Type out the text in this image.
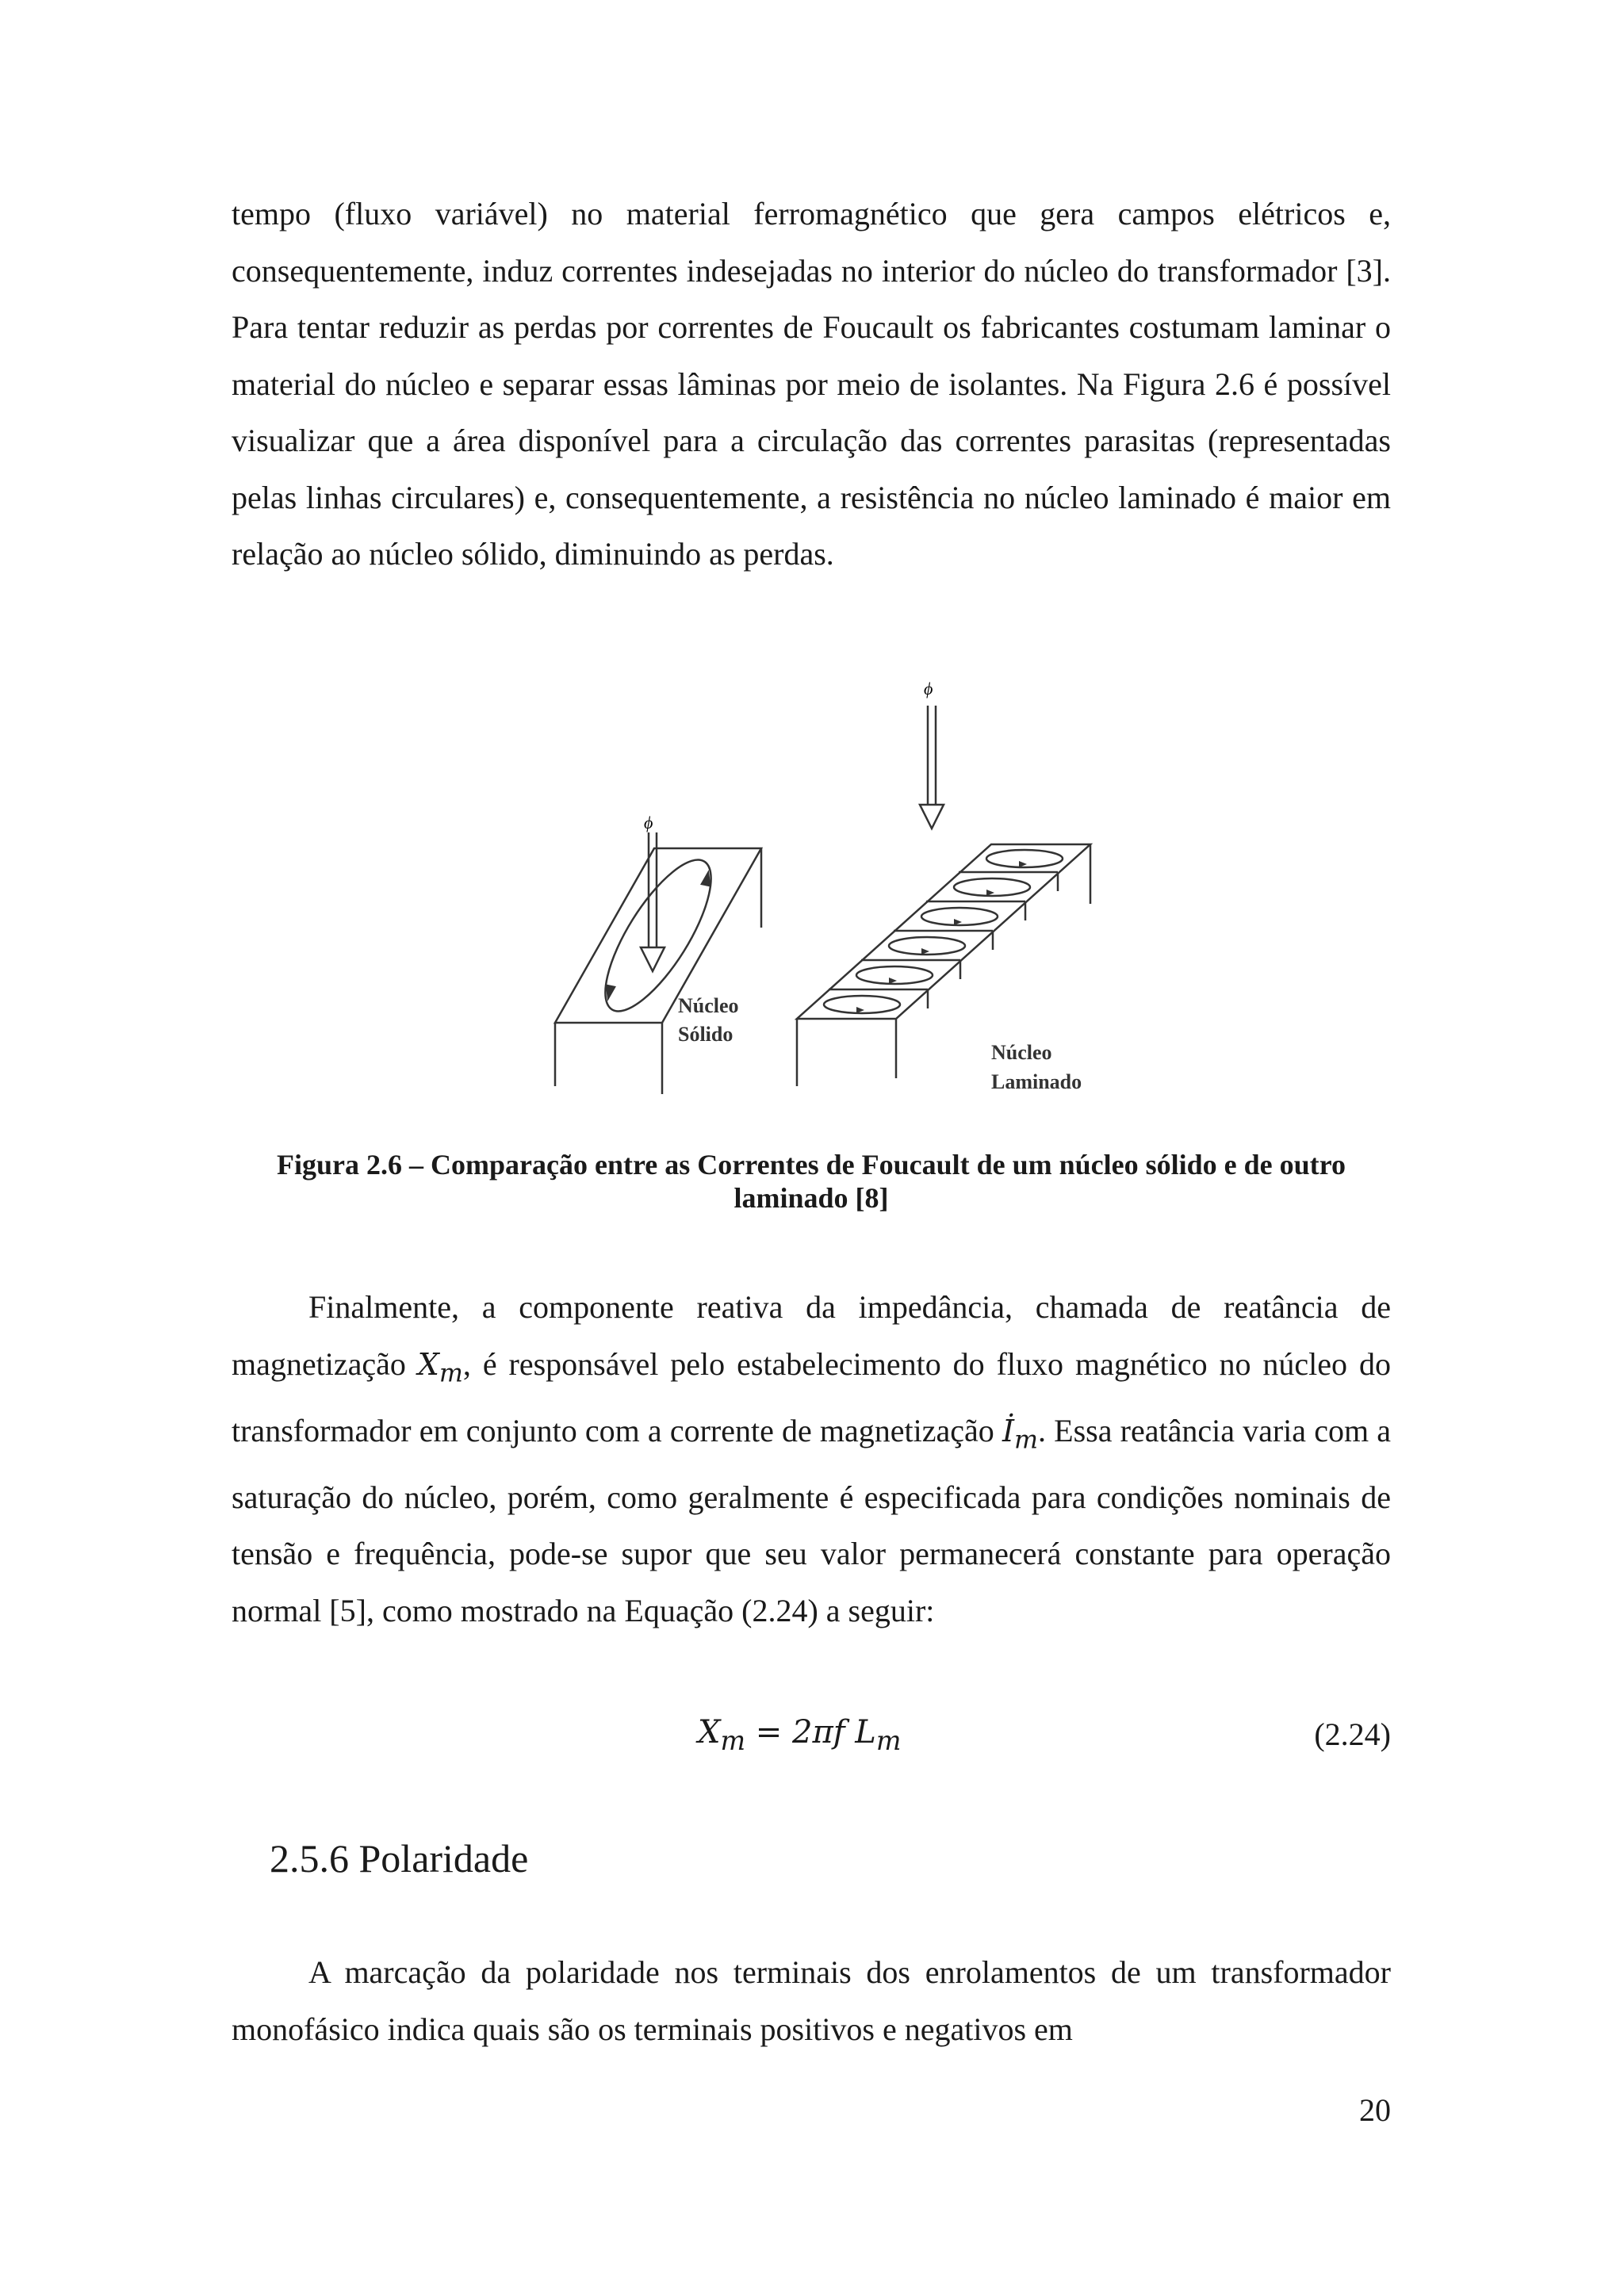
tempo (fluxo variável) no material ferromagnético que gera campos elétricos e, consequentemente, induz correntes indesejadas no interior do núcleo do transformador [3]. Para tentar reduzir as perdas por correntes de Foucault os fabricantes costumam laminar o material do núcleo e separar essas lâminas por meio de isolantes. Na Figura 2.6 é possível visualizar que a área disponível para a circulação das correntes parasitas (representadas pelas linhas circulares) e, consequentemente, a resistência no núcleo laminado é maior em relação ao núcleo sólido, diminuindo as perdas.

ϕ
ϕ
Núcleo
Sólido
Núcleo
Laminado

Figura 2.6 – Comparação entre as Correntes de Foucault de um núcleo sólido e de outro laminado [8]

Finalmente, a componente reativa da impedância, chamada de reatância de magnetização $X_m$, é responsável pelo estabelecimento do fluxo magnético no núcleo do transformador em conjunto com a corrente de magnetização $İ_m$. Essa reatância varia com a saturação do núcleo, porém, como geralmente é especificada para condições nominais de tensão e frequência, pode-se supor que seu valor permanecerá constante para operação normal [5], como mostrado na Equação (2.24) a seguir:

$X_m = 2\pi f$ $L_m$	(2.24)
2.5.6 Polaridade

A marcação da polaridade nos terminais dos enrolamentos de um transformador monofásico indica quais são os terminais positivos e negativos em

20
